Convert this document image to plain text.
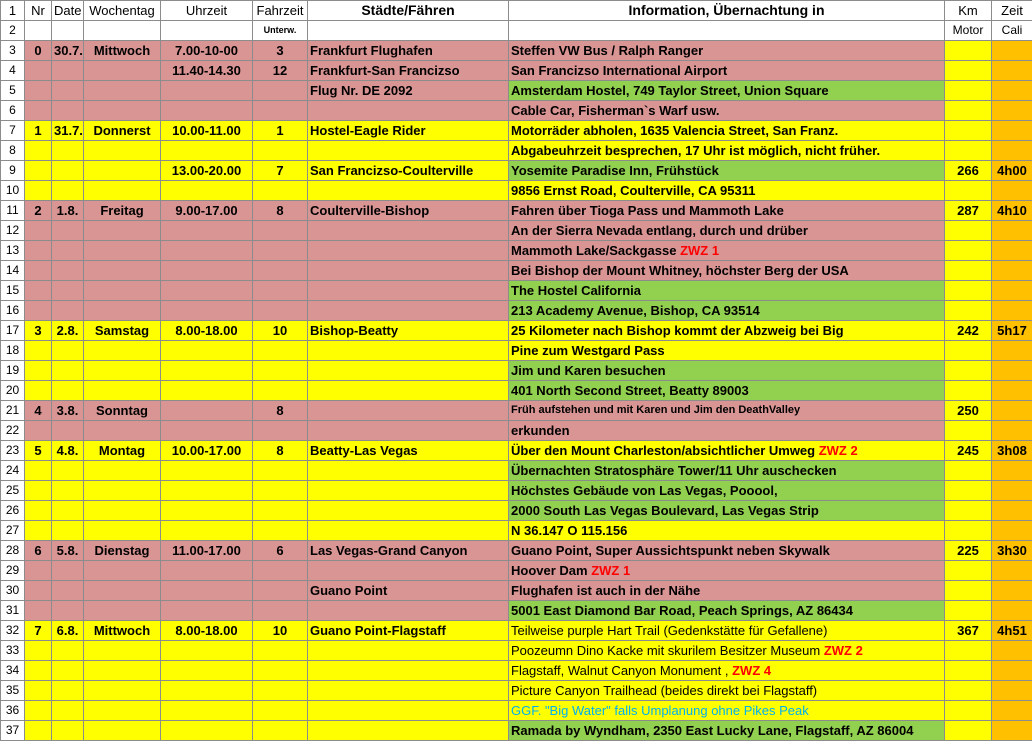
1	Nr	Date	Wochentag	Uhrzeit	Fahrzeit	Städte/Fähren	Information, Übernachtung in	Km	Zeit
2					Unterw.			Motor	Cali
3	0	30.7.	Mittwoch	7.00-10-00	3	Frankfurt Flughafen	Steffen VW Bus / Ralph Ranger		
4				11.40-14.30	12	Frankfurt-San Francizso	San Francizso International Airport		
5						Flug Nr. DE 2092	Amsterdam Hostel, 749 Taylor Street, Union Square		
6							Cable Car, Fisherman`s Warf usw.		
7	1	31.7.	Donnerst	10.00-11.00	1	Hostel-Eagle Rider	Motorräder abholen, 1635 Valencia Street, San Franz.		
8							Abgabeuhrzeit besprechen, 17 Uhr ist möglich, nicht früher.		
9				13.00-20.00	7	San Francizso-Coulterville	Yosemite Paradise Inn, Frühstück	266	4h00
10							9856 Ernst Road, Coulterville, CA 95311		
11	2	1.8.	Freitag	9.00-17.00	8	Coulterville-Bishop	Fahren über Tioga Pass und Mammoth Lake	287	4h10
12							An der Sierra Nevada entlang, durch und drüber		
13							Mammoth Lake/Sackgasse ZWZ 1		
14							Bei Bishop der Mount Whitney, höchster Berg der USA		
15							The Hostel California		
16							213 Academy Avenue, Bishop, CA 93514		
17	3	2.8.	Samstag	8.00-18.00	10	Bishop-Beatty	25 Kilometer nach Bishop kommt der Abzweig bei Big	242	5h17
18							Pine zum Westgard Pass		
19							Jim und Karen besuchen		
20							401 North Second Street, Beatty 89003		
21	4	3.8.	Sonntag		8		Früh aufstehen und mit Karen und Jim den DeathValley	250	
22							erkunden		
23	5	4.8.	Montag	10.00-17.00	8	Beatty-Las Vegas	Über den Mount Charleston/absichtlicher Umweg ZWZ 2	245	3h08
24							Übernachten Stratosphäre Tower/11 Uhr auschecken		
25							Höchstes Gebäude von Las Vegas, Pooool,		
26							2000 South Las Vegas Boulevard, Las Vegas Strip		
27							N 36.147 O 115.156		
28	6	5.8.	Dienstag	11.00-17.00	6	Las Vegas-Grand Canyon	Guano Point, Super Aussichtspunkt neben Skywalk	225	3h30
29							Hoover Dam ZWZ 1		
30						Guano Point	Flughafen ist auch in der Nähe		
31							5001 East Diamond Bar Road, Peach Springs, AZ 86434		
32	7	6.8.	Mittwoch	8.00-18.00	10	Guano Point-Flagstaff	Teilweise purple Hart Trail (Gedenkstätte für Gefallene)	367	4h51
33							Poozeumn Dino Kacke mit skurilem Besitzer Museum ZWZ 2		
34							Flagstaff, Walnut Canyon Monument , ZWZ 4		
35							Picture Canyon Trailhead (beides direkt bei Flagstaff)		
36							GGF. "Big Water" falls Umplanung ohne Pikes Peak		
37							Ramada by Wyndham, 2350 East Lucky Lane, Flagstaff, AZ 86004		
